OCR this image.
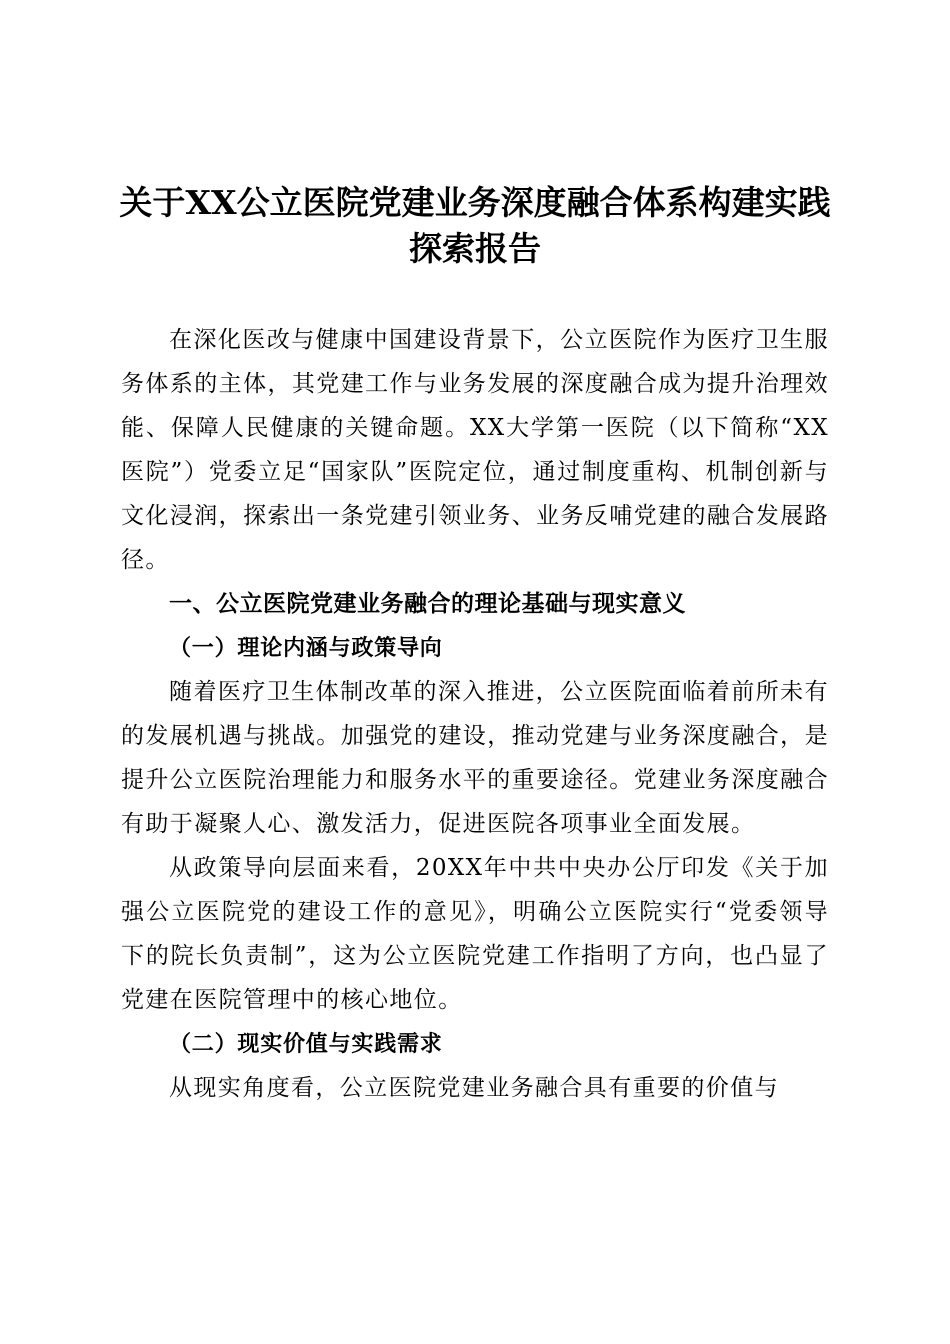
关于XX公立医院党建业务深度融合体系构建实践探索报告

在深化医改与健康中国建设背景下，公立医院作为医疗卫生服务体系的主体，其党建工作与业务发展的深度融合成为提升治理效能、保障人民健康的关键命题。XX大学第一医院（以下简称“XX医院”）党委立足“国家队”医院定位，通过制度重构、机制创新与文化浸润，探索出一条党建引领业务、业务反哺党建的融合发展路径。

一、公立医院党建业务融合的理论基础与现实意义

（一）理论内涵与政策导向

随着医疗卫生体制改革的深入推进，公立医院面临着前所未有的发展机遇与挑战。加强党的建设，推动党建与业务深度融合，是提升公立医院治理能力和服务水平的重要途径。党建业务深度融合有助于凝聚人心、激发活力，促进医院各项事业全面发展。

从政策导向层面来看，20XX年中共中央办公厅印发《关于加强公立医院党的建设工作的意见》，明确公立医院实行“党委领导下的院长负责制”，这为公立医院党建工作指明了方向，也凸显了党建在医院管理中的核心地位。

（二）现实价值与实践需求

从现实角度看，公立医院党建业务融合具有重要的价值与
